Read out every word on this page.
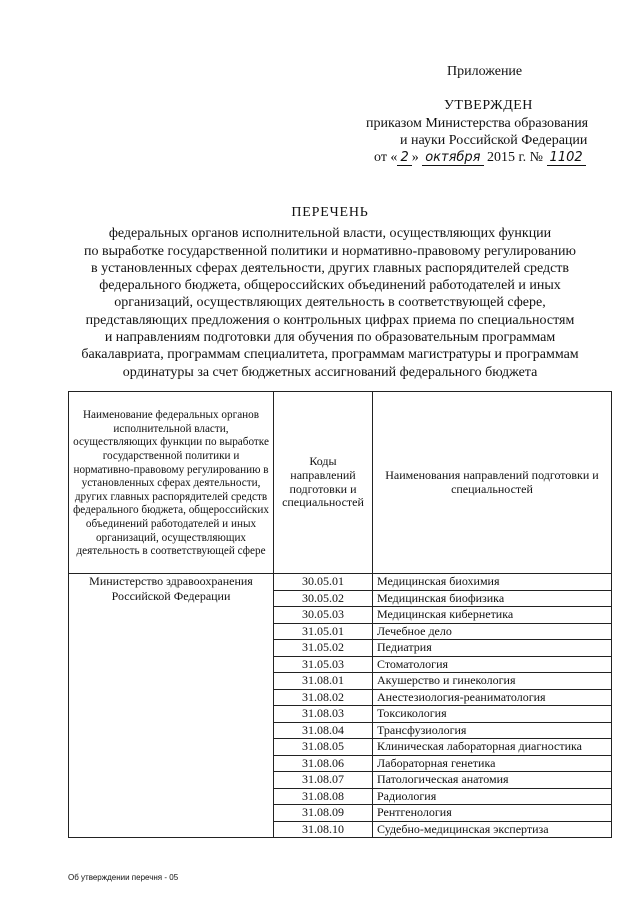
Приложение
УТВЕРЖДЕН
приказом Министерства образования
и науки Российской Федерации
от « 2 » октября 2015 г. № 1102
ПЕРЕЧЕНЬ
федеральных органов исполнительной власти, осуществляющих функции
по выработке государственной политики и нормативно-правовому регулированию
в установленных сферах деятельности, других главных распорядителей средств
федерального бюджета, общероссийских объединений работодателей и иных
организаций, осуществляющих деятельность в соответствующей сфере,
представляющих предложения о контрольных цифрах приема по специальностям
и направлениям подготовки для обучения по образовательным программам
бакалавриата, программам специалитета, программам магистратуры и программам
ординатуры за счет бюджетных ассигнований федерального бюджета
Наименование федеральных органов исполнительной власти, осуществляющих функции по выработке государственной политики и нормативно-правовому регулированию в установленных сферах деятельности, других главных распорядителей средств федерального бюджета, общероссийских объединений работодателей и иных организаций, осуществляющих деятельность в соответствующей сфере	Коды направлений подготовки и специальностей	Наименования направлений подготовки и специальностей
Министерство здравоохранения Российской Федерации	30.05.01	Медицинская биохимия
	30.05.02	Медицинская биофизика
	30.05.03	Медицинская кибернетика
	31.05.01	Лечебное дело
	31.05.02	Педиатрия
	31.05.03	Стоматология
	31.08.01	Акушерство и гинекология
	31.08.02	Анестезиология-реаниматология
	31.08.03	Токсикология
	31.08.04	Трансфузиология
	31.08.05	Клиническая лабораторная диагностика
	31.08.06	Лабораторная генетика
	31.08.07	Патологическая анатомия
	31.08.08	Радиология
	31.08.09	Рентгенология
	31.08.10	Судебно-медицинская экспертиза
Об утверждении перечня - 05
